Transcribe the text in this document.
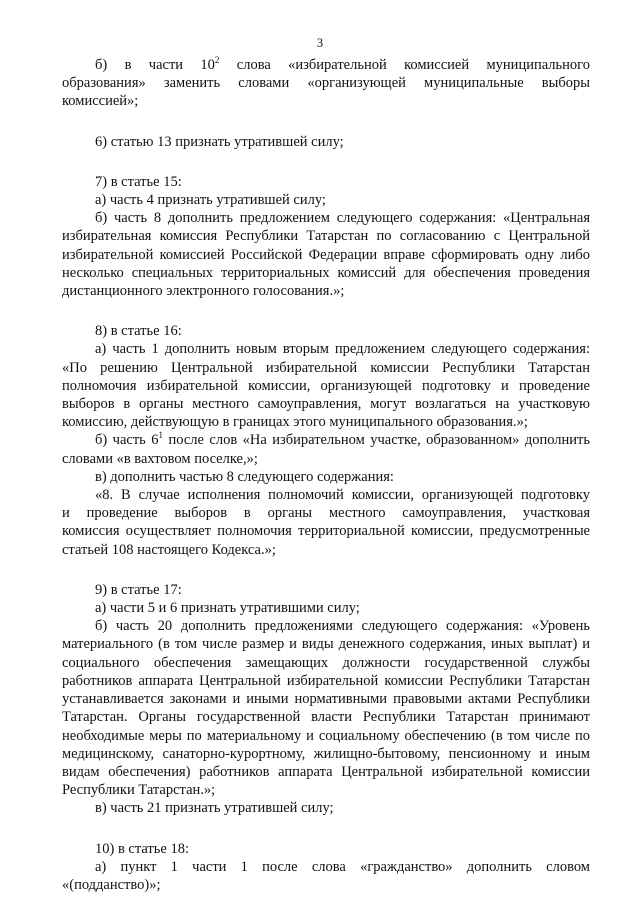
3

б) в части $10^2$ слова «избирательной комиссией муниципального

образования» заменить словами «организующей муниципальные выборы

комиссией»;

6) статью 13 признать утратившей силу;

7) в статье 15:

а) часть 4 признать утратившей силу;

б) часть 8 дополнить предложением следующего содержания: «Центральная

избирательная комиссия Республики Татарстан по согласованию с Центральной

избирательной комиссией Российской Федерации вправе сформировать одну либо

несколько специальных территориальных комиссий для обеспечения проведения

дистанционного электронного голосования.»;

8) в статье 16:

а) часть 1 дополнить новым вторым предложением следующего содержания:

«По решению Центральной избирательной комиссии Республики Татарстан

полномочия избирательной комиссии, организующей подготовку и проведение

выборов в органы местного самоуправления, могут возлагаться на участковую

комиссию, действующую в границах этого муниципального образования.»;

б) часть $6^1$ после слов «На избирательном участке, образованном» дополнить

словами «в вахтовом поселке,»;

в) дополнить частью 8 следующего содержания:

«8. В случае исполнения полномочий комиссии, организующей подготовку

и проведение выборов в органы местного самоуправления, участковая

комиссия осуществляет полномочия территориальной комиссии, предусмотренные

статьей 108 настоящего Кодекса.»;

9) в статье 17:

а) части 5 и 6 признать утратившими силу;

б) часть 20 дополнить предложениями следующего содержания: «Уровень

материального (в том числе размер и виды денежного содержания, иных выплат) и

социального обеспечения замещающих должности государственной службы

работников аппарата Центральной избирательной комиссии Республики Татарстан

устанавливается законами и иными нормативными правовыми актами Республики

Татарстан. Органы государственной власти Республики Татарстан принимают

необходимые меры по материальному и социальному обеспечению (в том числе по

медицинскому, санаторно-курортному, жилищно-бытовому, пенсионному и иным

видам обеспечения) работников аппарата Центральной избирательной комиссии

Республики Татарстан.»;

в) часть 21 признать утратившей силу;

10) в статье 18:

а) пункт 1 части 1 после слова «гражданство» дополнить словом

«(подданство)»;
